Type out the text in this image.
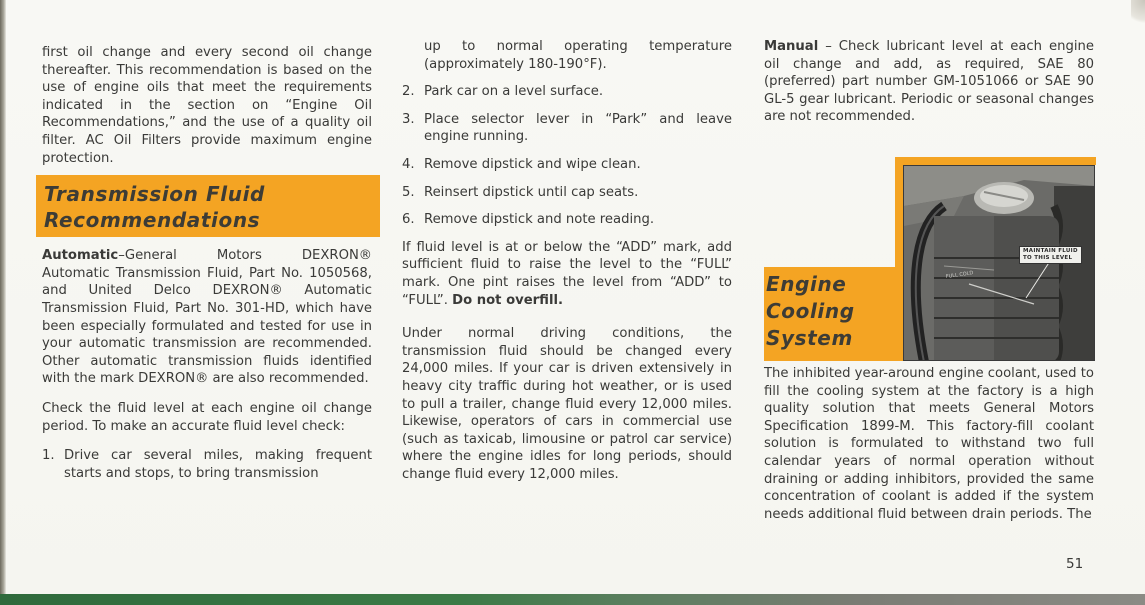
first oil change and every second oil change thereafter. This recommendation is based on the use of engine oils that meet the requirements indicated in the section on “Engine Oil Recommendations,” and the use of a quality oil filter. AC Oil Filters provide maximum engine protection.

Transmission Fluid
Recommendations

Automatic–General Motors DEXRON® Automatic Transmission Fluid, Part No. 1050568, and United Delco DEXRON® Automatic Transmission Fluid, Part No. 301-HD, which have been especially formulated and tested for use in your automatic transmission are recommended. Other automatic transmission fluids identified with the mark DEXRON® are also recommended.

Check the fluid level at each engine oil change period. To make an accurate fluid level check:

1. Drive car several miles, making frequent starts and stops, to bring transmission
up to normal operating temperature (approximately 180-190°F).
2. Park car on a level surface.
3. Place selector lever in “Park” and leave engine running.
4. Remove dipstick and wipe clean.
5. Reinsert dipstick until cap seats.
6. Remove dipstick and note reading.

If fluid level is at or below the “ADD” mark, add sufficient fluid to raise the level to the “FULL” mark. One pint raises the level from “ADD” to “FULL”. Do not overfill.

Under normal driving conditions, the transmission fluid should be changed every 24,000 miles. If your car is driven extensively in heavy city traffic during hot weather, or is used to pull a trailer, change fluid every 12,000 miles. Likewise, operators of cars in commercial use (such as taxicab, limousine or patrol car service) where the engine idles for long periods, should change fluid every 12,000 miles.

Manual – Check lubricant level at each engine oil change and add, as required, SAE 80 (preferred) part number GM-1051066 or SAE 90 GL-5 gear lubricant. Periodic or seasonal changes are not recommended.

Engine
Cooling
System
FULL COLD
MAINTAIN FLUID
TO THIS LEVEL

The inhibited year-around engine coolant, used to fill the cooling system at the factory is a high quality solution that meets General Motors Specification 1899-M. This factory-fill coolant solution is formulated to withstand two full calendar years of normal operation without draining or adding inhibitors, provided the same concentration of coolant is added if the system needs additional fluid between drain periods. The

51
